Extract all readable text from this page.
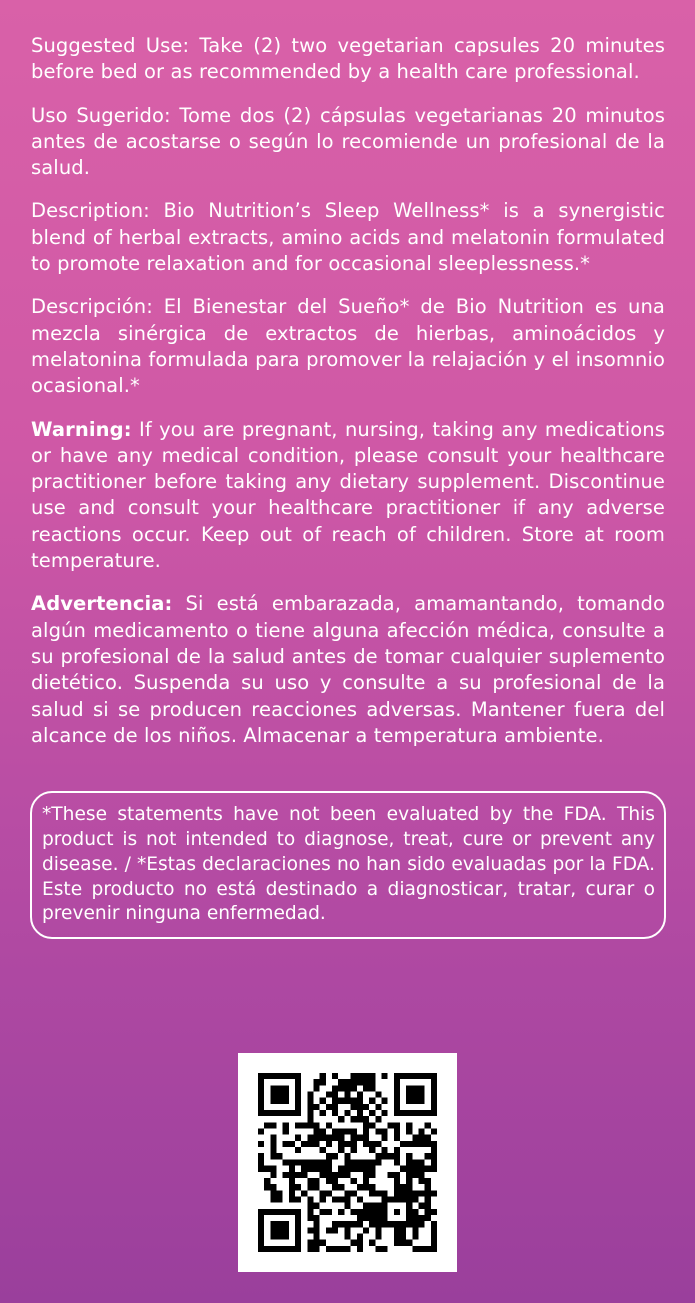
Suggested Use: Take (2) two vegetarian capsules 20 minutes before bed or as recommended by a health care professional.

Uso Sugerido: Tome dos (2) cápsulas vegetarianas 20 minutos antes de acostarse o según lo recomiende un profesional de la salud.

Description: Bio Nutrition’s Sleep Wellness* is a synergistic blend of herbal extracts, amino acids and melatonin formulated to promote relaxation and for occasional sleeplessness.*

Descripción: El Bienestar del Sueño* de Bio Nutrition es una mezcla sinérgica de extractos de hierbas, aminoácidos y melatonina formulada para promover la relajación y el insomnio ocasional.*

Warning: If you are pregnant, nursing, taking any medications or have any medical condition, please consult your healthcare practitioner before taking any dietary supplement. Discontinue use and consult your healthcare practitioner if any adverse reactions occur. Keep out of reach of children. Store at room temperature.

Advertencia: Si está embarazada, amamantando, tomando algún medicamento o tiene alguna afección médica, consulte a su profesional de la salud antes de tomar cualquier suplemento dietético. Suspenda su uso y consulte a su profesional de la salud si se producen reacciones adversas. Mantener fuera del alcance de los niños. Almacenar a temperatura ambiente.

*These statements have not been evaluated by the FDA. This product is not intended to diagnose, treat, cure or prevent any disease. / *Estas declaraciones no han sido evaluadas por la FDA. Este producto no está destinado a diagnosticar, tratar, curar o prevenir ninguna enfermedad.
